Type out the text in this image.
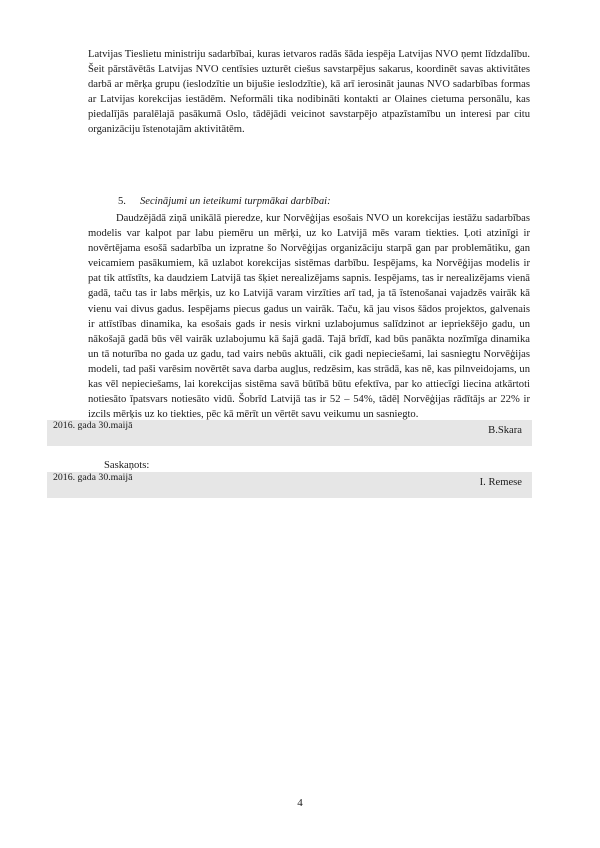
Latvijas Tieslietu ministriju sadarbībai, kuras ietvaros radās šāda iespēja Latvijas NVO ņemt līdzdalību. Šeit pārstāvētās Latvijas NVO centīsies uzturēt ciešus savstarpējus sakarus, koordinēt savas aktivitātes darbā ar mērķa grupu (ieslodzītie un bijušie ieslodzītie), kā arī ierosināt jaunas NVO sadarbības formas ar Latvijas korekcijas iestādēm. Neformāli tika nodibināti kontakti ar Olaines cietuma personālu, kas piedalījās paralēlajā pasākumā Oslo, tādējādi veicinot savstarpējo atpazīstamību un interesi par citu organizāciju īstenotajām aktivitātēm.

5. Secinājumi un ieteikumi turpmākai darbībai:

Daudzējādā ziņā unikālā pieredze, kur Norvēģijas esošais NVO un korekcijas iestāžu sadarbības modelis var kalpot par labu piemēru un mērķi, uz ko Latvijā mēs varam tiekties. Ļoti atzinīgi ir novērtējama esošā sadarbība un izpratne šo Norvēģijas organizāciju starpā gan par problemātiku, gan veicamiem pasākumiem, kā uzlabot korekcijas sistēmas darbību. Iespējams, ka Norvēģijas modelis ir pat tik attīstīts, ka daudziem Latvijā tas šķiet nerealizējams sapnis. Iespējams, tas ir nerealizējams vienā gadā, taču tas ir labs mērķis, uz ko Latvijā varam virzīties arī tad, ja tā īstenošanai vajadzēs vairāk kā vienu vai divus gadus. Iespējams piecus gadus un vairāk. Taču, kā jau visos šādos projektos, galvenais ir attīstības dinamika, ka esošais gads ir nesis virkni uzlabojumus salīdzinot ar iepriekšējo gadu, un nākošajā gadā būs vēl vairāk uzlabojumu kā šajā gadā. Tajā brīdī, kad būs panākta nozīmīga dinamika un tā noturība no gada uz gadu, tad vairs nebūs aktuāli, cik gadi nepieciešami, lai sasniegtu Norvēģijas modeli, tad paši varēsim novērtēt sava darba augļus, redzēsim, kas strādā, kas nē, kas pilnveidojams, un kas vēl nepieciešams, lai korekcijas sistēma savā būtībā būtu efektīva, par ko attiecīgi liecina atkārtoti notiesāto īpatsvars notiesāto vidū. Šobrīd Latvijā tas ir 52 – 54%, tādēļ Norvēģijas rādītājs ar 22% ir izcils mērķis uz ko tiekties, pēc kā mērīt un vērtēt savu veikumu un sasniegto.

2016. gada 30.maijā	B.Skara
Saskaņots:
2016. gada 30.maijā	I. Remese
4
